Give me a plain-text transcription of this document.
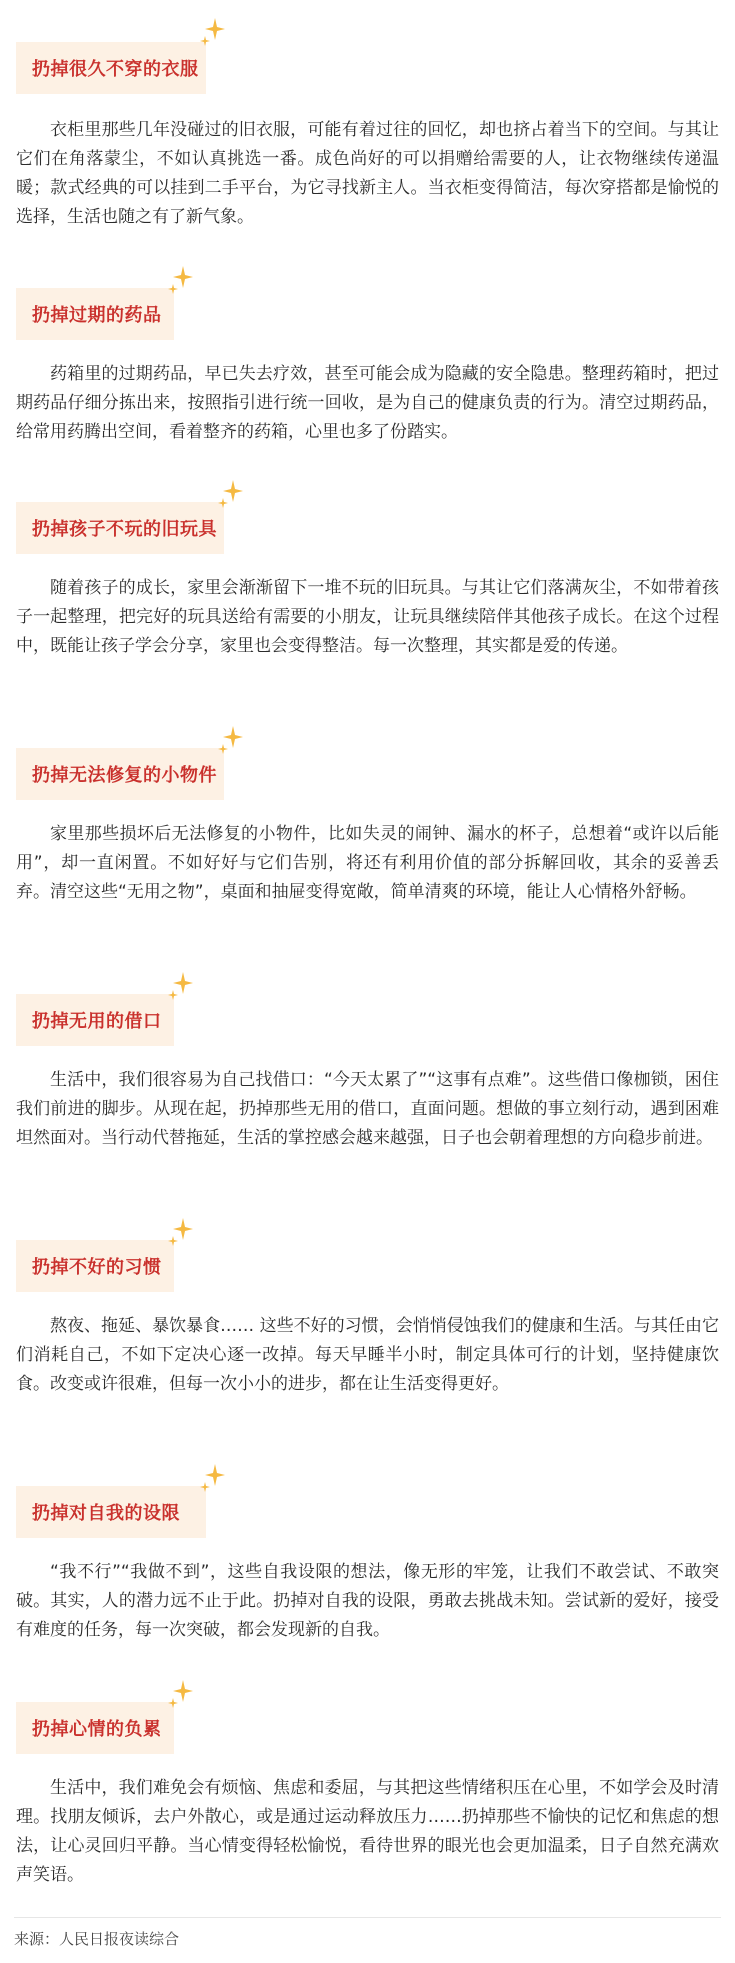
扔掉很久不穿的衣服

衣柜里那些几年没碰过的旧衣服，可能有着过往的回忆，却也挤占着当下的空间。与其让它们在角落蒙尘，不如认真挑选一番。成色尚好的可以捐赠给需要的人，让衣物继续传递温暖；款式经典的可以挂到二手平台，为它寻找新主人。当衣柜变得简洁，每次穿搭都是愉悦的选择，生活也随之有了新气象。

扔掉过期的药品

药箱里的过期药品，早已失去疗效，甚至可能会成为隐藏的安全隐患。整理药箱时，把过期药品仔细分拣出来，按照指引进行统一回收，是为自己的健康负责的行为。清空过期药品，给常用药腾出空间，看着整齐的药箱，心里也多了份踏实。

扔掉孩子不玩的旧玩具

随着孩子的成长，家里会渐渐留下一堆不玩的旧玩具。与其让它们落满灰尘，不如带着孩子一起整理，把完好的玩具送给有需要的小朋友，让玩具继续陪伴其他孩子成长。在这个过程中，既能让孩子学会分享，家里也会变得整洁。每一次整理，其实都是爱的传递。

扔掉无法修复的小物件

家里那些损坏后无法修复的小物件，比如失灵的闹钟、漏水的杯子，总想着“或许以后能用”，却一直闲置。不如好好与它们告别，将还有利用价值的部分拆解回收，其余的妥善丢弃。清空这些“无用之物”，桌面和抽屉变得宽敞，简单清爽的环境，能让人心情格外舒畅。

扔掉无用的借口

生活中，我们很容易为自己找借口：“今天太累了”“这事有点难”。这些借口像枷锁，困住我们前进的脚步。从现在起，扔掉那些无用的借口，直面问题。想做的事立刻行动，遇到困难坦然面对。当行动代替拖延，生活的掌控感会越来越强，日子也会朝着理想的方向稳步前进。

扔掉不好的习惯

熬夜、拖延、暴饮暴食…… 这些不好的习惯，会悄悄侵蚀我们的健康和生活。与其任由它们消耗自己，不如下定决心逐一改掉。每天早睡半小时，制定具体可行的计划，坚持健康饮食。改变或许很难，但每一次小小的进步，都在让生活变得更好。

扔掉对自我的设限

“我不行”“我做不到”，这些自我设限的想法，像无形的牢笼，让我们不敢尝试、不敢突破。其实，人的潜力远不止于此。扔掉对自我的设限，勇敢去挑战未知。尝试新的爱好，接受有难度的任务，每一次突破，都会发现新的自我。

扔掉心情的负累

生活中，我们难免会有烦恼、焦虑和委屈，与其把这些情绪积压在心里，不如学会及时清理。找朋友倾诉，去户外散心，或是通过运动释放压力……扔掉那些不愉快的记忆和焦虑的想法，让心灵回归平静。当心情变得轻松愉悦，看待世界的眼光也会更加温柔，日子自然充满欢声笑语。

来源：人民日报夜读综合
